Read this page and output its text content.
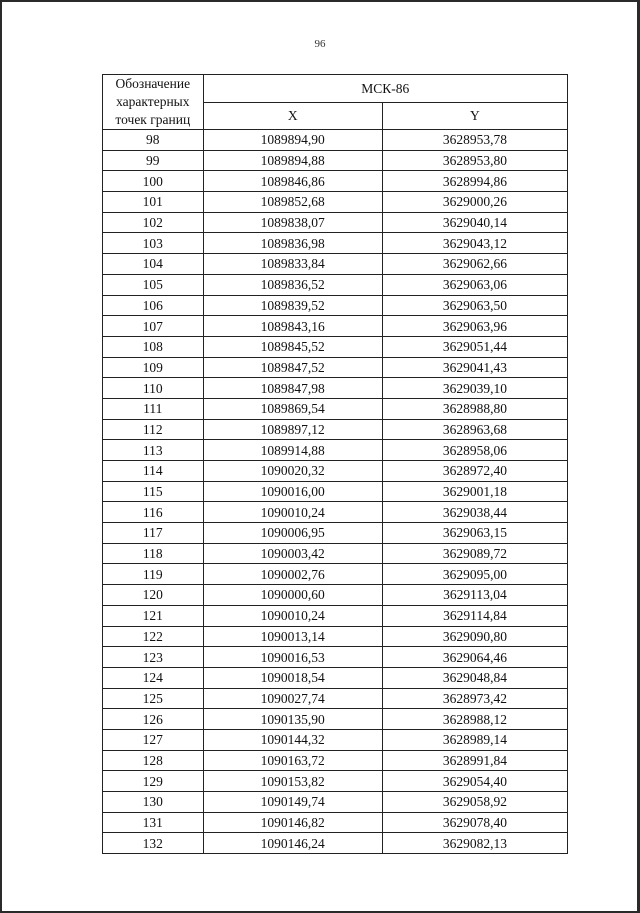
96
Обозначение характерных точек границ	МСК-86	
	X	Y
98	1089894,90	3628953,78
99	1089894,88	3628953,80
100	1089846,86	3628994,86
101	1089852,68	3629000,26
102	1089838,07	3629040,14
103	1089836,98	3629043,12
104	1089833,84	3629062,66
105	1089836,52	3629063,06
106	1089839,52	3629063,50
107	1089843,16	3629063,96
108	1089845,52	3629051,44
109	1089847,52	3629041,43
110	1089847,98	3629039,10
111	1089869,54	3628988,80
112	1089897,12	3628963,68
113	1089914,88	3628958,06
114	1090020,32	3628972,40
115	1090016,00	3629001,18
116	1090010,24	3629038,44
117	1090006,95	3629063,15
118	1090003,42	3629089,72
119	1090002,76	3629095,00
120	1090000,60	3629113,04
121	1090010,24	3629114,84
122	1090013,14	3629090,80
123	1090016,53	3629064,46
124	1090018,54	3629048,84
125	1090027,74	3628973,42
126	1090135,90	3628988,12
127	1090144,32	3628989,14
128	1090163,72	3628991,84
129	1090153,82	3629054,40
130	1090149,74	3629058,92
131	1090146,82	3629078,40
132	1090146,24	3629082,13
